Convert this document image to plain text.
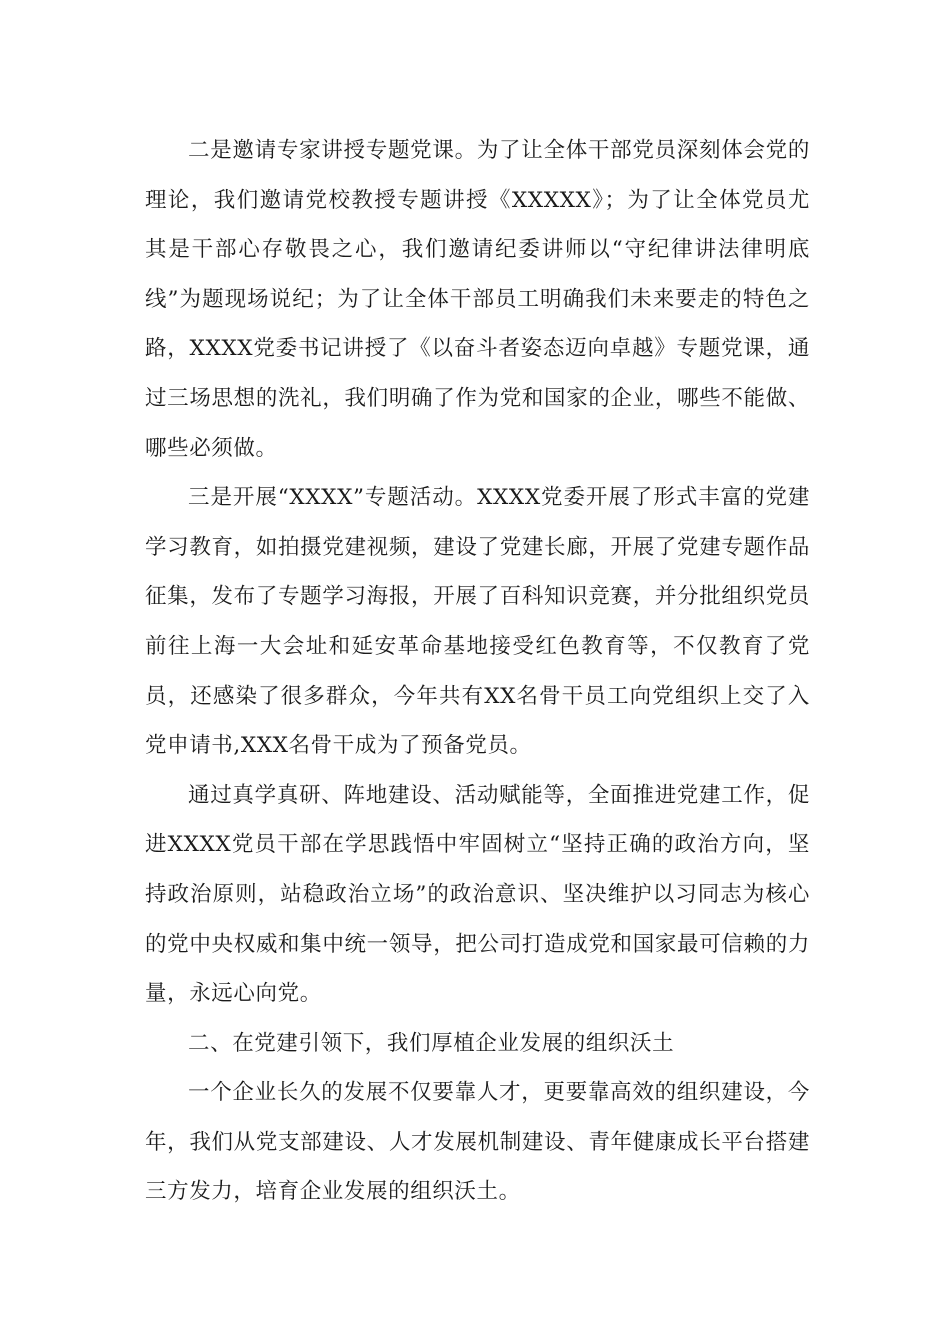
二是邀请专家讲授专题党课。为了让全体干部党员深刻体会党的理论，我们邀请党校教授专题讲授《XXXXX》；为了让全体党员尤其是干部心存敬畏之心，我们邀请纪委讲师以“守纪律讲法律明底线”为题现场说纪；为了让全体干部员工明确我们未来要走的特色之路，XXXX党委书记讲授了《以奋斗者姿态迈向卓越》专题党课，通过三场思想的洗礼，我们明确了作为党和国家的企业，哪些不能做、哪些必须做。

三是开展“XXXX”专题活动。XXXX党委开展了形式丰富的党建学习教育，如拍摄党建视频，建设了党建长廊，开展了党建专题作品征集，发布了专题学习海报，开展了百科知识竞赛，并分批组织党员前往上海一大会址和延安革命基地接受红色教育等，不仅教育了党员，还感染了很多群众，今年共有XX名骨干员工向党组织上交了入党申请书,XXX名骨干成为了预备党员。

通过真学真研、阵地建设、活动赋能等，全面推进党建工作，促进XXXX党员干部在学思践悟中牢固树立“坚持正确的政治方向，坚持政治原则，站稳政治立场”的政治意识、坚决维护以习同志为核心的党中央权威和集中统一领导，把公司打造成党和国家最可信赖的力量，永远心向党。

二、在党建引领下，我们厚植企业发展的组织沃土

一个企业长久的发展不仅要靠人才，更要靠高效的组织建设，今年，我们从党支部建设、人才发展机制建设、青年健康成长平台搭建三方发力，培育企业发展的组织沃土。
